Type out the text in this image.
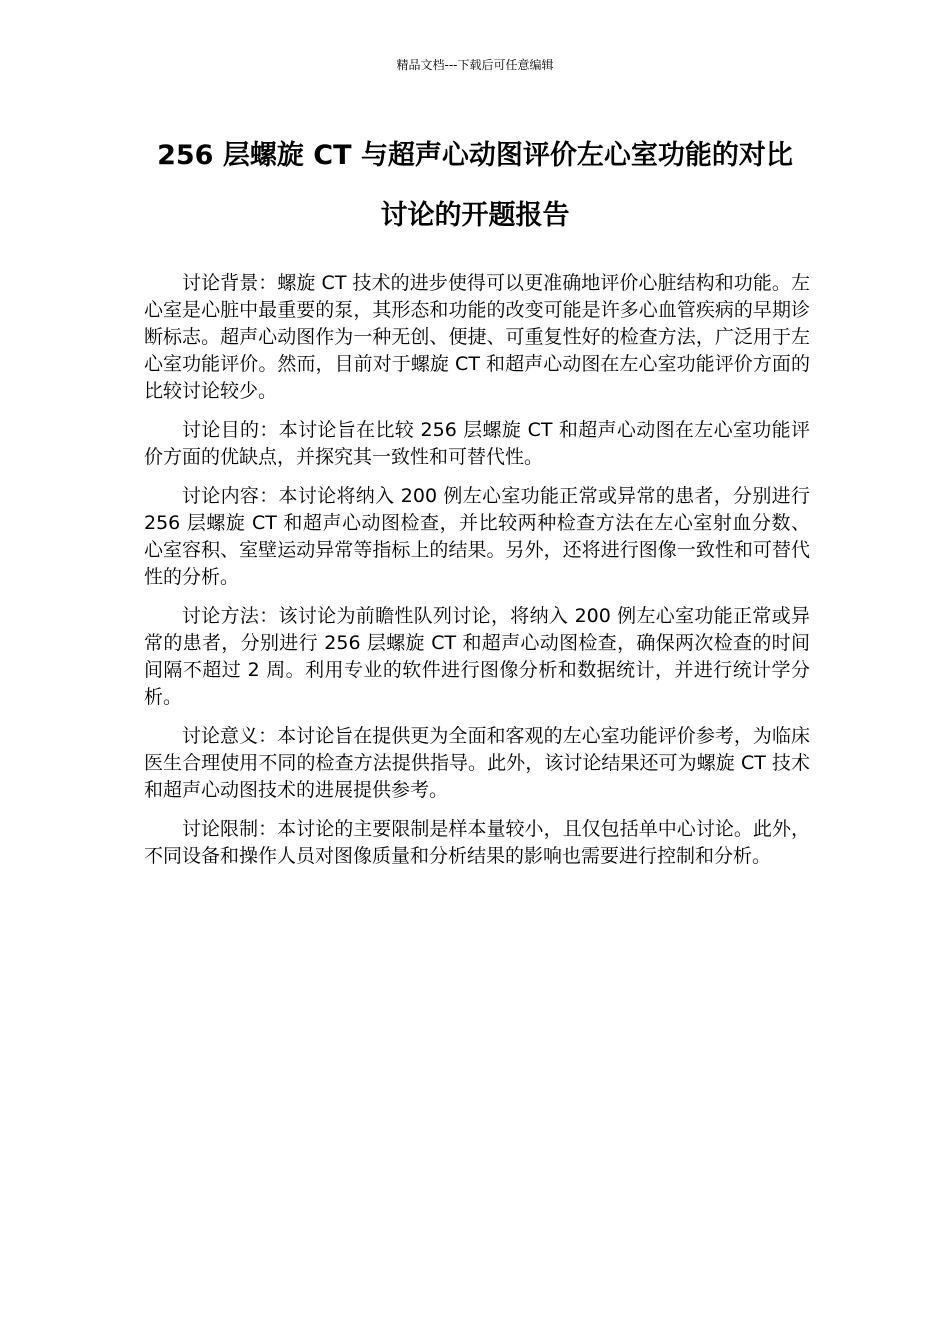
精品文档---下载后可任意编辑
256 层螺旋 CT 与超声心动图评价左心室功能的对比
讨论的开题报告

讨论背景：螺旋 CT 技术的进步使得可以更准确地评价心脏结构和功能。左心室是心脏中最重要的泵，其形态和功能的改变可能是许多心血管疾病的早期诊断标志。超声心动图作为一种无创、便捷、可重复性好的检查方法，广泛用于左心室功能评价。然而，目前对于螺旋 CT 和超声心动图在左心室功能评价方面的比较讨论较少。

讨论目的：本讨论旨在比较 256 层螺旋 CT 和超声心动图在左心室功能评价方面的优缺点，并探究其一致性和可替代性。

讨论内容：本讨论将纳入 200 例左心室功能正常或异常的患者，分别进行 256 层螺旋 CT 和超声心动图检查，并比较两种检查方法在左心室射血分数、心室容积、室壁运动异常等指标上的结果。另外，还将进行图像一致性和可替代性的分析。

讨论方法：该讨论为前瞻性队列讨论，将纳入 200 例左心室功能正常或异常的患者，分别进行 256 层螺旋 CT 和超声心动图检查，确保两次检查的时间间隔不超过 2 周。利用专业的软件进行图像分析和数据统计，并进行统计学分析。

讨论意义：本讨论旨在提供更为全面和客观的左心室功能评价参考，为临床医生合理使用不同的检查方法提供指导。此外，该讨论结果还可为螺旋 CT 技术和超声心动图技术的进展提供参考。

讨论限制：本讨论的主要限制是样本量较小，且仅包括单中心讨论。此外，不同设备和操作人员对图像质量和分析结果的影响也需要进行控制和分析。
